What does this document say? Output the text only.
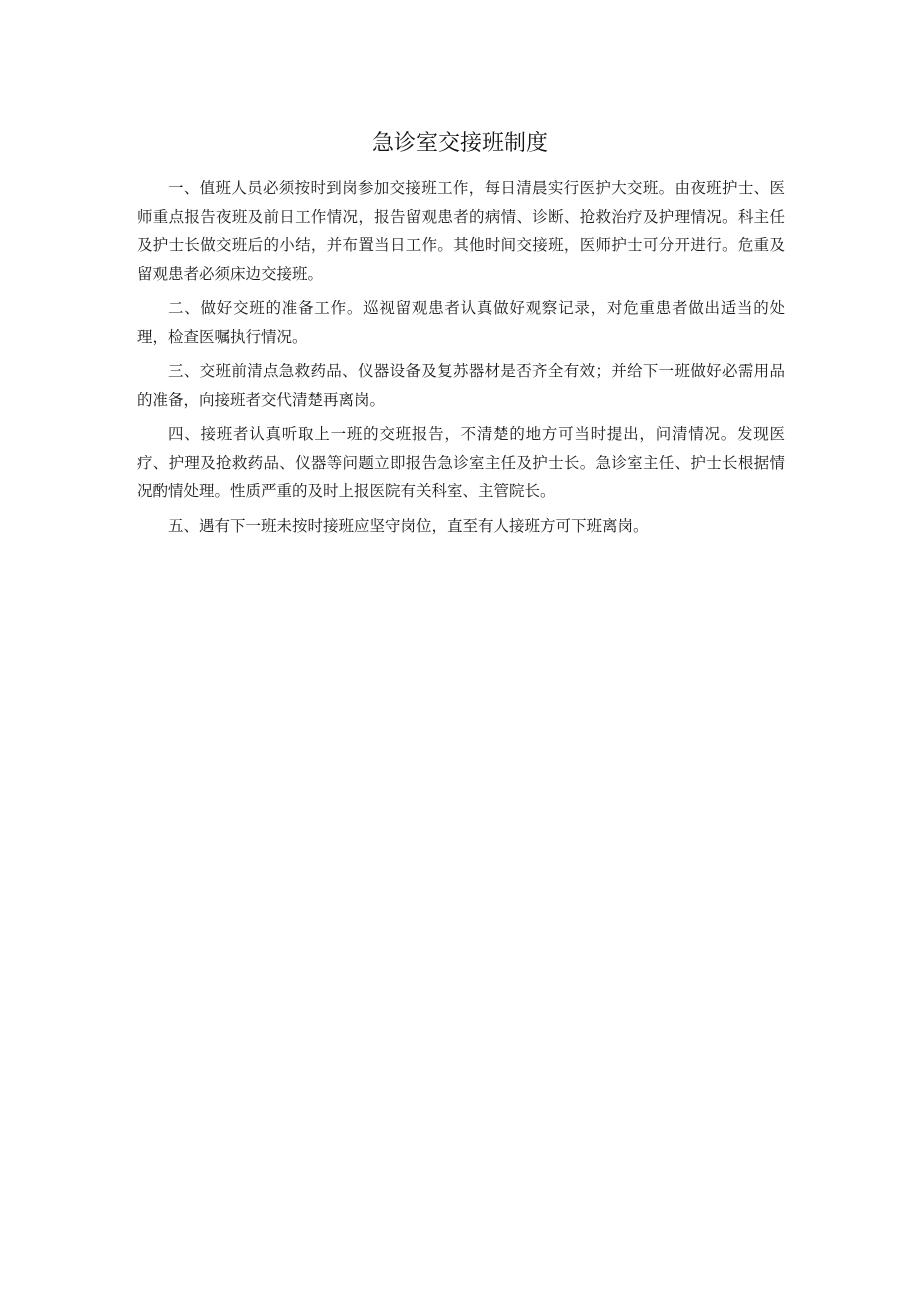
急诊室交接班制度

一、值班人员必须按时到岗参加交接班工作，每日清晨实行医护大交班。由夜班护士、医师重点报告夜班及前日工作情况，报告留观患者的病情、诊断、抢救治疗及护理情况。科主任及护士长做交班后的小结，并布置当日工作。其他时间交接班，医师护士可分开进行。危重及留观患者必须床边交接班。

二、做好交班的准备工作。巡视留观患者认真做好观察记录，对危重患者做出适当的处理，检查医嘱执行情况。

三、交班前清点急救药品、仪器设备及复苏器材是否齐全有效；并给下一班做好必需用品的准备，向接班者交代清楚再离岗。

四、接班者认真听取上一班的交班报告，不清楚的地方可当时提出，问清情况。发现医疗、护理及抢救药品、仪器等问题立即报告急诊室主任及护士长。急诊室主任、护士长根据情况酌情处理。性质严重的及时上报医院有关科室、主管院长。

五、遇有下一班未按时接班应坚守岗位，直至有人接班方可下班离岗。
